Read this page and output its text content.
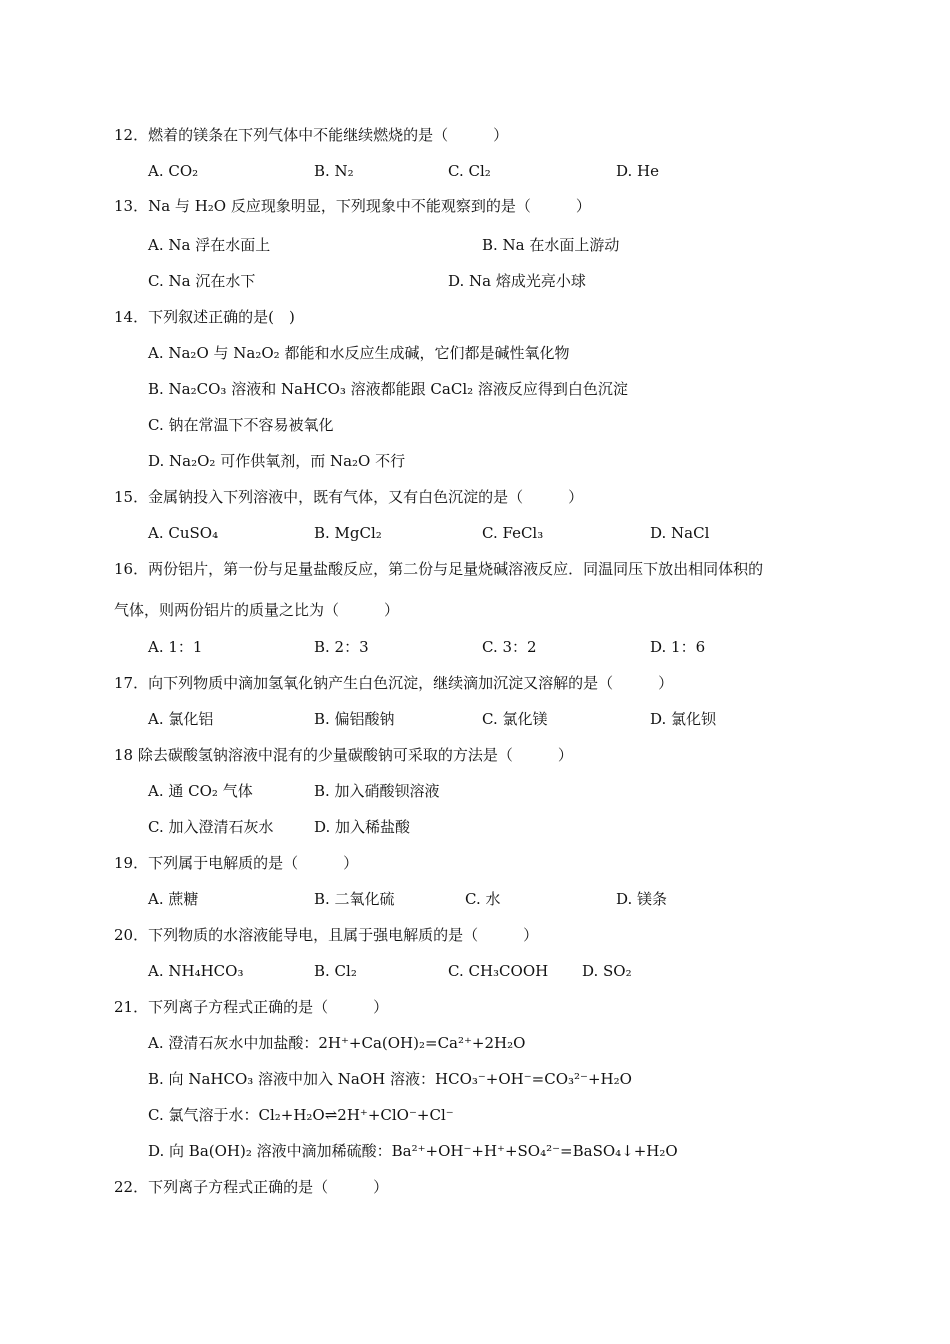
12．燃着的镁条在下列气体中不能继续燃烧的是（　　　）
A. CO₂	B. N₂	C. Cl₂	D. He
13．Na 与 H₂O 反应现象明显，下列现象中不能观察到的是（　　　）
A. Na 浮在水面上	B. Na 在水面上游动
C. Na 沉在水下	D. Na 熔成光亮小球
14．下列叙述正确的是(　)
A. Na₂O 与 Na₂O₂ 都能和水反应生成碱，它们都是碱性氧化物
B. Na₂CO₃ 溶液和 NaHCO₃ 溶液都能跟 CaCl₂ 溶液反应得到白色沉淀
C. 钠在常温下不容易被氧化
D. Na₂O₂ 可作供氧剂，而 Na₂O 不行
15．金属钠投入下列溶液中，既有气体，又有白色沉淀的是（　　　）
A. CuSO₄	B. MgCl₂	C. FeCl₃	D. NaCl
16．两份铝片，第一份与足量盐酸反应，第二份与足量烧碱溶液反应．同温同压下放出相同体积的
气体，则两份铝片的质量之比为（　　　）
A. 1：1	B. 2：3	C. 3：2	D. 1：6
17．向下列物质中滴加氢氧化钠产生白色沉淀，继续滴加沉淀又溶解的是（　　　）
A. 氯化铝	B. 偏铝酸钠	C. 氯化镁	D. 氯化钡
18 除去碳酸氢钠溶液中混有的少量碳酸钠可采取的方法是（　　　）
A. 通 CO₂ 气体	B. 加入硝酸钡溶液
C. 加入澄清石灰水	D. 加入稀盐酸
19．下列属于电解质的是（　　　）
A. 蔗糖	B. 二氧化硫	C. 水	D. 镁条
20．下列物质的水溶液能导电，且属于强电解质的是（　　　）
A. NH₄HCO₃	B. Cl₂	C. CH₃COOH D. SO₂
21．下列离子方程式正确的是（　　　）
A. 澄清石灰水中加盐酸：2H⁺+Ca(OH)₂=Ca²⁺+2H₂O
B. 向 NaHCO₃ 溶液中加入 NaOH 溶液：HCO₃⁻+OH⁻=CO₃²⁻+H₂O
C. 氯气溶于水：Cl₂+H₂O⇌2H⁺+ClO⁻+Cl⁻
D. 向 Ba(OH)₂ 溶液中滴加稀硫酸：Ba²⁺+OH⁻+H⁺+SO₄²⁻=BaSO₄↓+H₂O
22．下列离子方程式正确的是（　　　）
